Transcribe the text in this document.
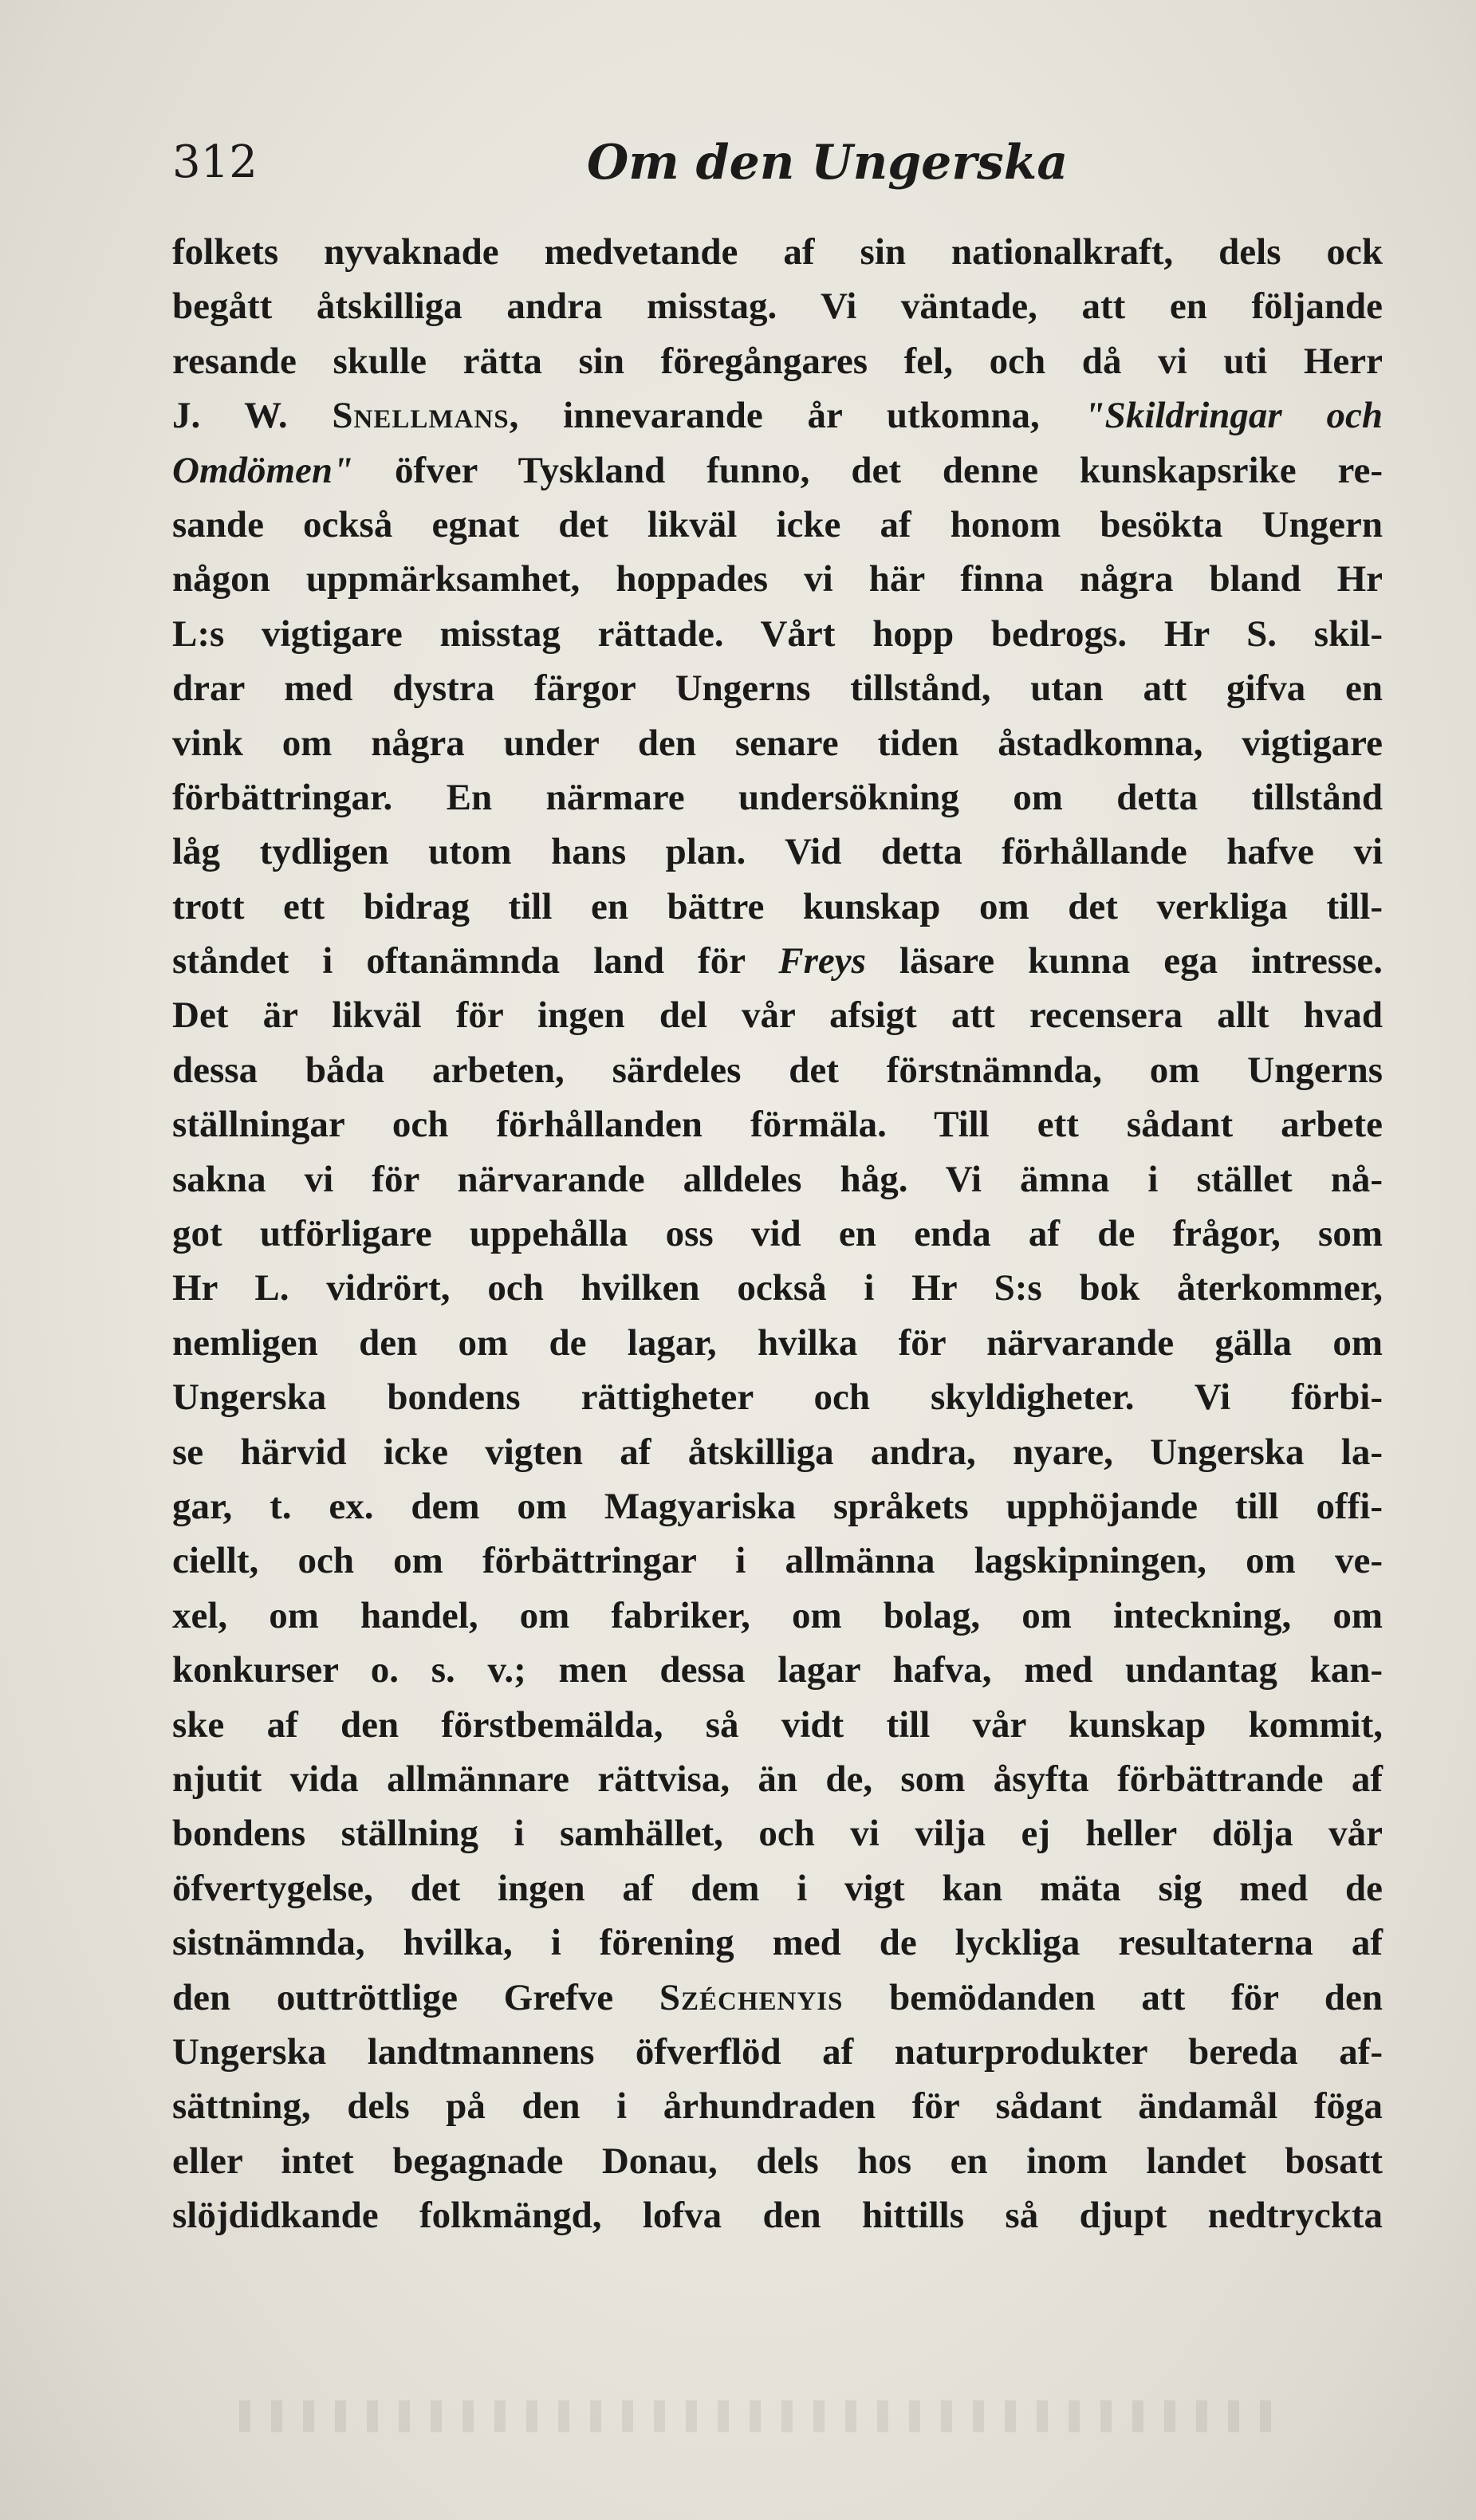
312	Om den Ungerska
folkets nyvaknade medvetande af sin nationalkraft, dels ock
begått åtskilliga andra misstag. Vi väntade, att en följande
resande skulle rätta sin föregångares fel, och då vi uti Herr
J. W. Snellmans, innevarande år utkomna, "Skildringar och
Omdömen" öfver Tyskland funno, det denne kunskapsrike re-
sande också egnat det likväl icke af honom besökta Ungern
någon uppmärksamhet, hoppades vi här finna några bland Hr
L:s vigtigare misstag rättade. Vårt hopp bedrogs. Hr S. skil-
drar med dystra färgor Ungerns tillstånd, utan att gifva en
vink om några under den senare tiden åstadkomna, vigtigare
förbättringar. En närmare undersökning om detta tillstånd
låg tydligen utom hans plan. Vid detta förhållande hafve vi
trott ett bidrag till en bättre kunskap om det verkliga till-
ståndet i oftanämnda land för Freys läsare kunna ega intresse.
Det är likväl för ingen del vår afsigt att recensera allt hvad
dessa båda arbeten, särdeles det förstnämnda, om Ungerns
ställningar och förhållanden förmäla. Till ett sådant arbete
sakna vi för närvarande alldeles håg. Vi ämna i stället nå-
got utförligare uppehålla oss vid en enda af de frågor, som
Hr L. vidrört, och hvilken också i Hr S:s bok återkommer,
nemligen den om de lagar, hvilka för närvarande gälla om
Ungerska bondens rättigheter och skyldigheter. Vi förbi-
se härvid icke vigten af åtskilliga andra, nyare, Ungerska la-
gar, t. ex. dem om Magyariska språkets upphöjande till offi-
ciellt, och om förbättringar i allmänna lagskipningen, om ve-
xel, om handel, om fabriker, om bolag, om inteckning, om
konkurser o. s. v.; men dessa lagar hafva, med undantag kan-
ske af den förstbemälda, så vidt till vår kunskap kommit,
njutit vida allmännare rättvisa, än de, som åsyfta förbättrande af
bondens ställning i samhället, och vi vilja ej heller dölja vår
öfvertygelse, det ingen af dem i vigt kan mäta sig med de
sistnämnda, hvilka, i förening med de lyckliga resultaterna af
den outtröttlige Grefve Széchenyis bemödanden att för den
Ungerska landtmannens öfverflöd af naturprodukter bereda af-
sättning, dels på den i århundraden för sådant ändamål föga
eller intet begagnade Donau, dels hos en inom landet bosatt
slöjdidkande folkmängd, lofva den hittills så djupt nedtryckta
